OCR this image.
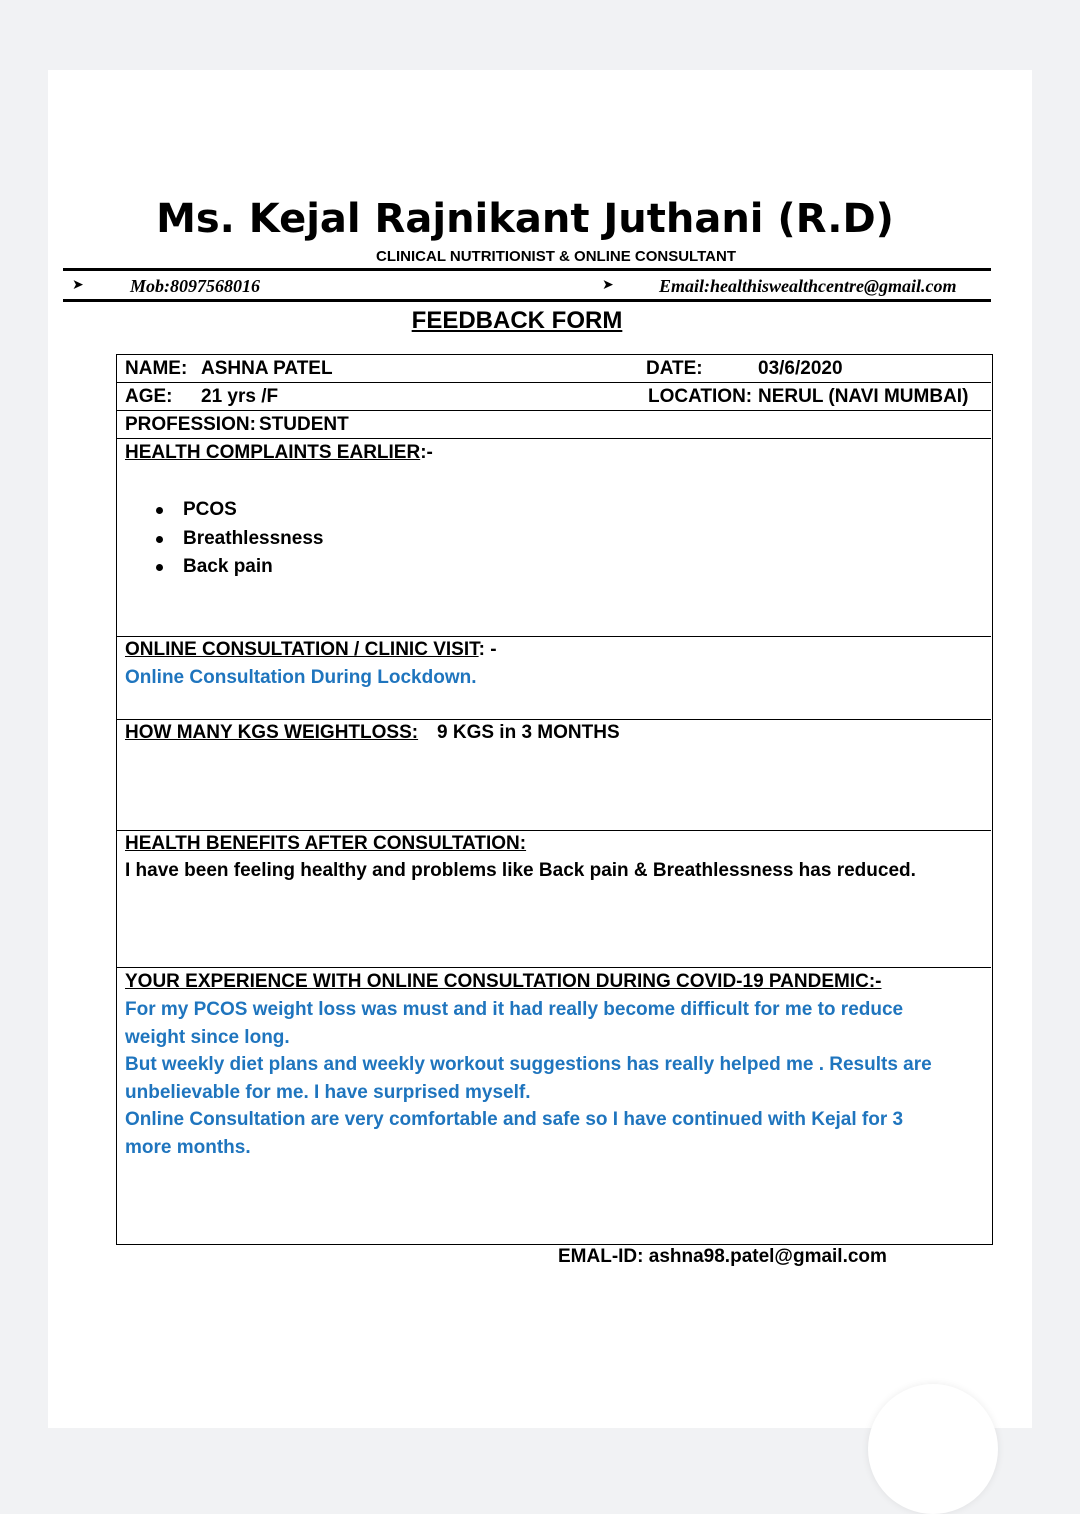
Ms. Kejal Rajnikant Juthani (R.D)
CLINICAL NUTRITIONIST & ONLINE CONSULTANT
➤	Mob:8097568016	➤	Email:healthiswealthcentre@gmail.com
FEEDBACK FORM
NAME: ASHNA PATEL	DATE:	03/6/2020
AGE: 21 yrs /F	LOCATION: NERUL (NAVI MUMBAI)
PROFESSION: STUDENT
HEALTH COMPLAINTS EARLIER:-
PCOS
Breathlessness
Back pain
ONLINE CONSULTATION / CLINIC VISIT: -
Online Consultation During Lockdown.
HOW MANY KGS WEIGHTLOSS: 9 KGS in 3 MONTHS
HEALTH BENEFITS AFTER CONSULTATION:
I have been feeling healthy and problems like Back pain & Breathlessness has reduced.
YOUR EXPERIENCE WITH ONLINE CONSULTATION DURING COVID-19 PANDEMIC:-
For my PCOS weight loss was must and it had really become difficult for me to reduce
weight since long.
But weekly diet plans and weekly workout suggestions has really helped me . Results are
unbelievable for me. I have surprised myself.
Online Consultation are very comfortable and safe so I have continued with Kejal for 3
more months.
EMAL-ID: ashna98.patel@gmail.com
